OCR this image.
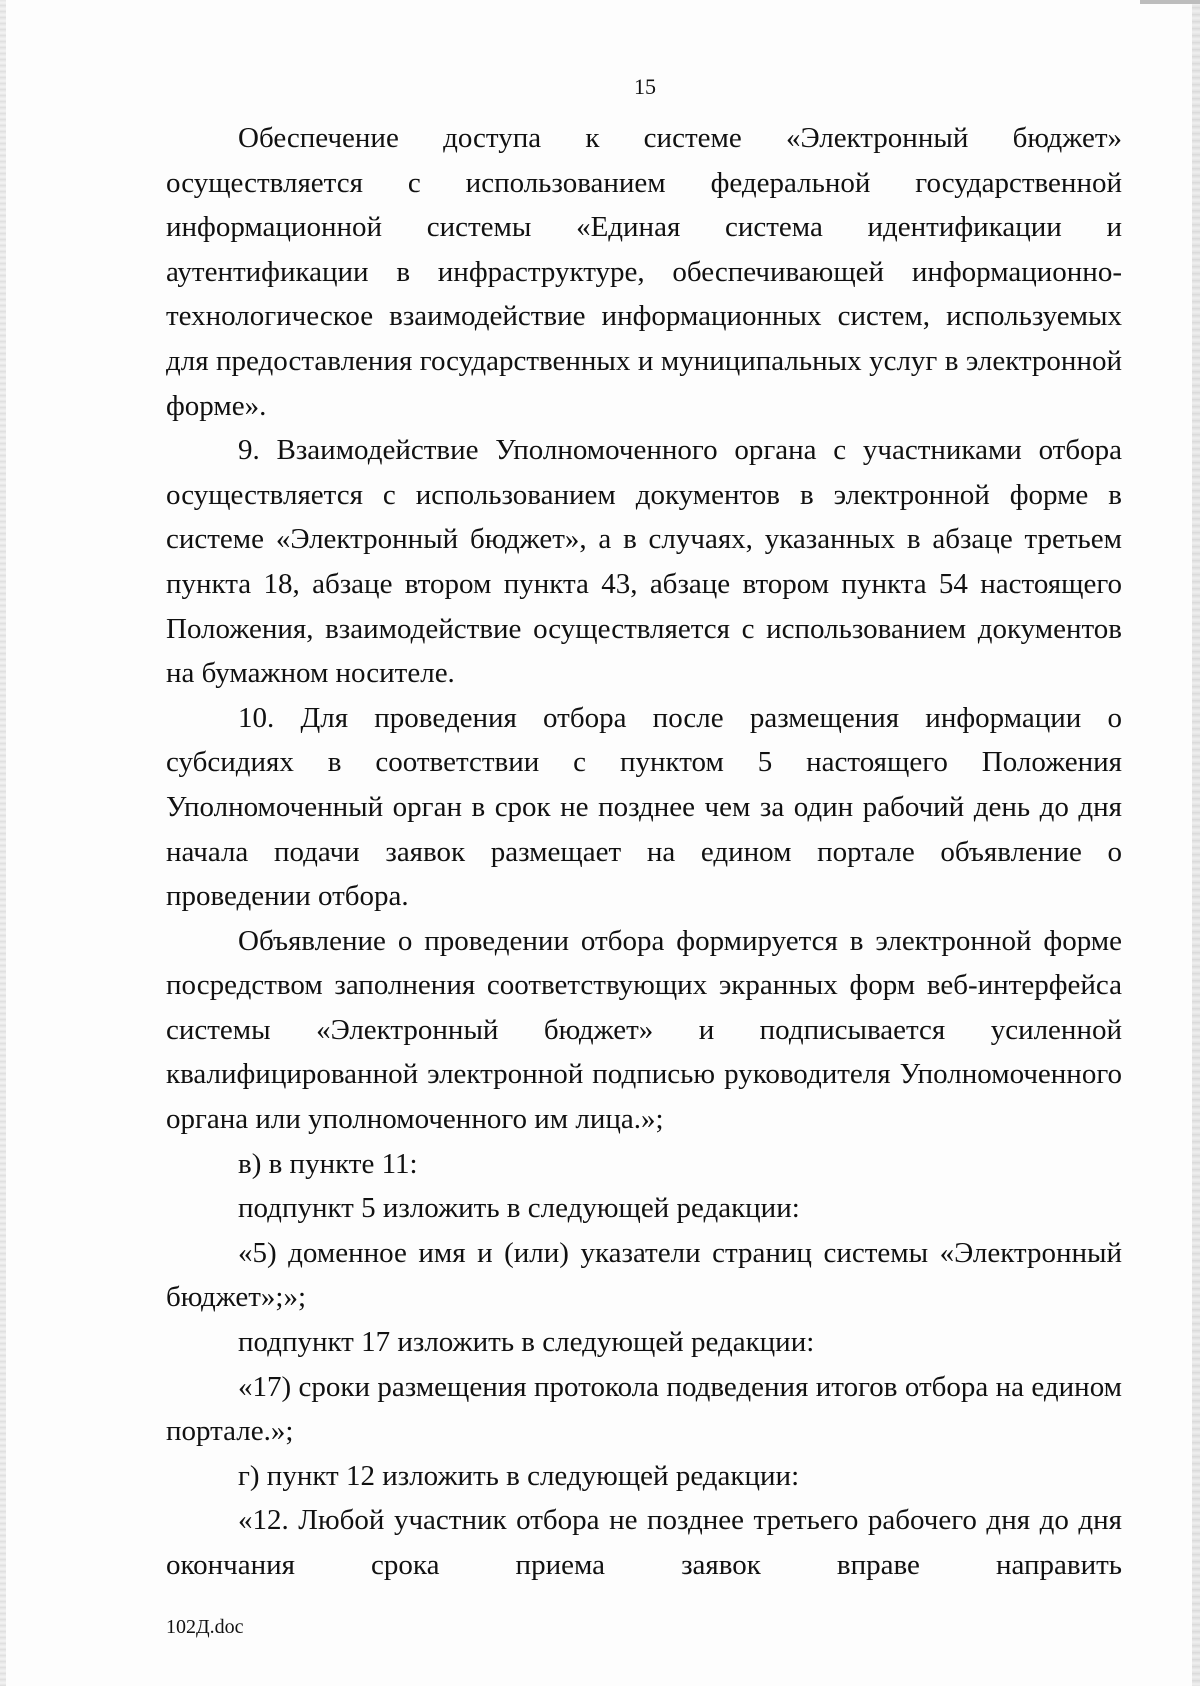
15

Обеспечение доступа к системе «Электронный бюджет» осуществляется с использованием федеральной государственной информационной системы «Единая система идентификации и аутентификации в инфраструктуре, обеспечивающей информационно-технологическое взаимодействие информационных систем, используемых для предоставления государственных и муниципальных услуг в электронной форме».

9. Взаимодействие Уполномоченного органа с участниками отбора осуществляется с использованием документов в электронной форме в системе «Электронный бюджет», а в случаях, указанных в абзаце третьем пункта 18, абзаце втором пункта 43, абзаце втором пункта 54 настоящего Положения, взаимодействие осуществляется с использованием документов на бумажном носителе.

10. Для проведения отбора после размещения информации о субсидиях в соответствии с пунктом 5 настоящего Положения Уполномоченный орган в срок не позднее чем за один рабочий день до дня начала подачи заявок размещает на едином портале объявление о проведении отбора.

Объявление о проведении отбора формируется в электронной форме посредством заполнения соответствующих экранных форм веб-интерфейса системы «Электронный бюджет» и подписывается усиленной квалифицированной электронной подписью руководителя Уполномоченного органа или уполномоченного им лица.»;

в) в пункте 11:

подпункт 5 изложить в следующей редакции:

«5) доменное имя и (или) указатели страниц системы «Электронный бюджет»;»;

подпункт 17 изложить в следующей редакции:

«17) сроки размещения протокола подведения итогов отбора на едином портале.»;

г) пункт 12 изложить в следующей редакции:

«12. Любой участник отбора не позднее третьего рабочего дня до дня окончания срока приема заявок вправе направить

102Д.doc
